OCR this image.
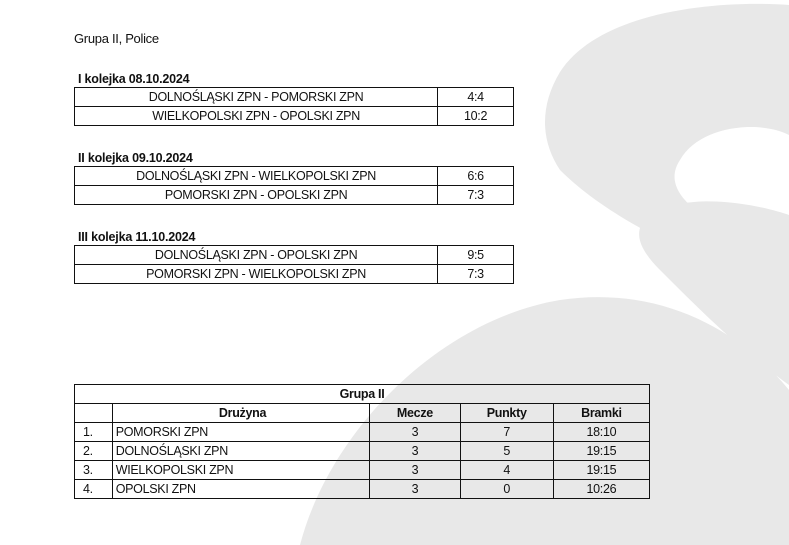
Grupa II, Police
I kolejka 08.10.2024
DOLNOŚLĄSKI ZPN - POMORSKI ZPN	4:4
WIELKOPOLSKI ZPN - OPOLSKI ZPN	10:2
II kolejka 09.10.2024
DOLNOŚLĄSKI ZPN - WIELKOPOLSKI ZPN	6:6
POMORSKI ZPN - OPOLSKI ZPN	7:3
III kolejka 11.10.2024
DOLNOŚLĄSKI ZPN - OPOLSKI ZPN	9:5
POMORSKI ZPN - WIELKOPOLSKI ZPN	7:3
Grupa II				
	Drużyna	Mecze	Punkty	Bramki
1.	POMORSKI ZPN	3	7	18:10
2.	DOLNOŚLĄSKI ZPN	3	5	19:15
3.	WIELKOPOLSKI ZPN	3	4	19:15
4.	OPOLSKI ZPN	3	0	10:26
